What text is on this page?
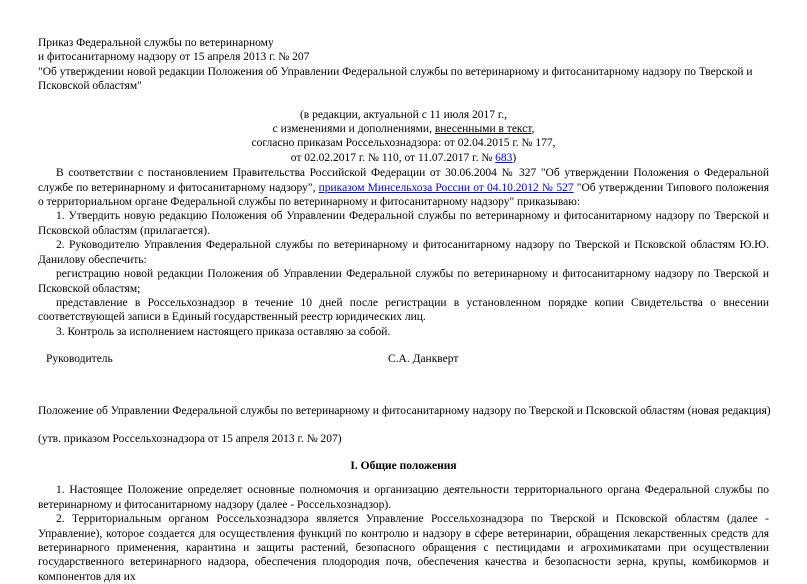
Приказ Федеральной службы по ветеринарному
и фитосанитарному надзору от 15 апреля 2013 г. № 207
"Об утверждении новой редакции Положения об Управлении Федеральной службы по ветеринарному и фитосанитарному надзору по Тверской и
Псковской областям"
(в редакции, актуальной с 11 июля 2017 г.,
с изменениями и дополнениями, внесенными в текст,
согласно приказам Россельхознадзора: от 02.04.2015 г. № 177,
от 02.02.2017 г. № 110, от 11.07.2017 г. № 683)

В соответствии с постановлением Правительства Российской Федерации от 30.06.2004 № 327 "Об утверждении Положения о Федеральной службе по ветеринарному и фитосанитарному надзору", приказом Минсельхоза России от 04.10.2012 № 527 "Об утверждении Типового положения о территориальном органе Федеральной службы по ветеринарному и фитосанитарному надзору" приказываю:

1. Утвердить новую редакцию Положения об Управлении Федеральной службы по ветеринарному и фитосанитарному надзору по Тверской и Псковской областям (прилагается).

2. Руководителю Управления Федеральной службы по ветеринарному и фитосанитарному надзору по Тверской и Псковской областям Ю.Ю. Данилову обеспечить:

регистрацию новой редакции Положения об Управлении Федеральной службы по ветеринарному и фитосанитарному надзору по Тверской и Псковской областям;

представление в Россельхознадзор в течение 10 дней после регистрации в установленном порядке копии Свидетельства о внесении соответствующей записи в Единый государственный реестр юридических лиц.

3. Контроль за исполнением настоящего приказа оставляю за собой.

Руководитель	С.А. Данкверт
Положение об Управлении Федеральной службы по ветеринарному и фитосанитарному надзору по Тверской и Псковской областям (новая редакция)
(утв. приказом Россельхознадзора от 15 апреля 2013 г. № 207)
I. Общие положения

1. Настоящее Положение определяет основные полномочия и организацию деятельности территориального органа Федеральной службы по ветеринарному и фитосанитарному надзору (далее - Россельхознадзор).

2. Территориальным органом Россельхознадзора является Управление Россельхознадзора по Тверской и Псковской областям (далее - Управление), которое создается для осуществления функций по контролю и надзору в сфере ветеринарии, обращения лекарственных средств для ветеринарного применения, карантина и защиты растений, безопасного обращения с пестицидами и агрохимикатами при осуществлении государственного ветеринарного надзора, обеспечения плодородия почв, обеспечения качества и безопасности зерна, крупы, комбикормов и компонентов для их
